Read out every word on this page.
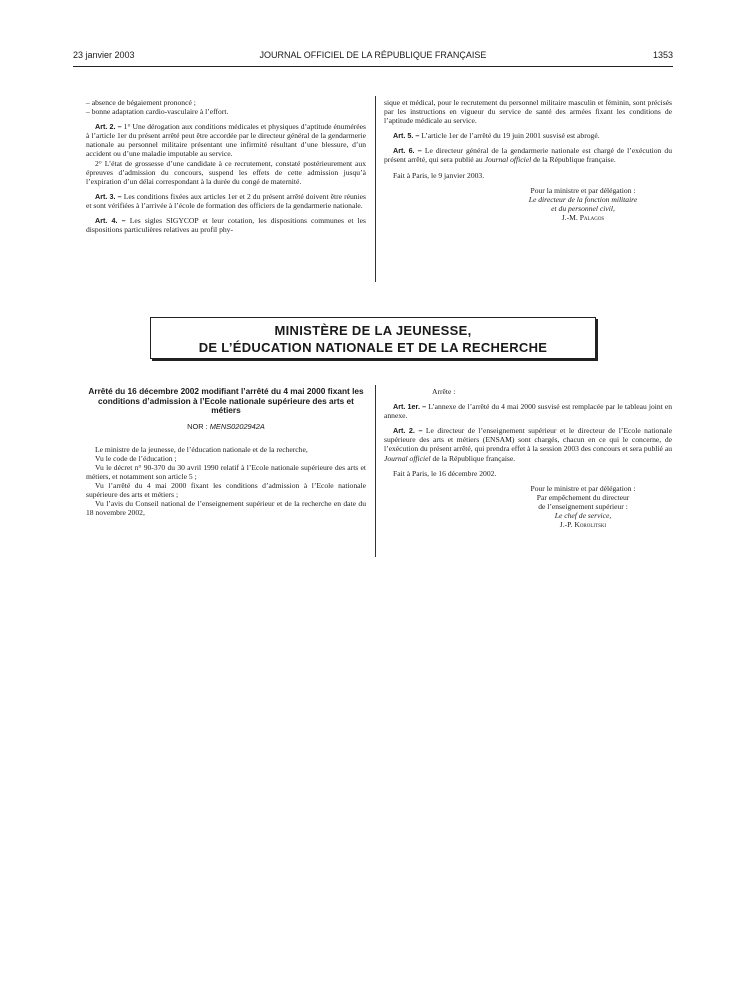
23 janvier 2003	JOURNAL OFFICIEL DE LA RÉPUBLIQUE FRANÇAISE	1353

– absence de bégaiement prononcé ;

– bonne adaptation cardio-vasculaire à l’effort.

Art. 2. – 1° Une dérogation aux conditions médicales et physiques d’aptitude énumérées à l’article 1er du présent arrêté peut être accordée par le directeur général de la gendarmerie nationale au personnel militaire présentant une infirmité résultant d’une blessure, d’un accident ou d’une maladie imputable au service.

2° L’état de grossesse d’une candidate à ce recrutement, constaté postérieurement aux épreuves d’admission du concours, suspend les effets de cette admission jusqu’à l’expiration d’un délai correspondant à la durée du congé de maternité.

Art. 3. – Les conditions fixées aux articles 1er et 2 du présent arrêté doivent être réunies et sont vérifiées à l’arrivée à l’école de formation des officiers de la gendarmerie nationale.

Art. 4. – Les sigles SIGYCOP et leur cotation, les dispositions communes et les dispositions particulières relatives au profil phy-

sique et médical, pour le recrutement du personnel militaire masculin et féminin, sont précisés par les instructions en vigueur du service de santé des armées fixant les conditions de l’aptitude médicale au service.

Art. 5. – L’article 1er de l’arrêté du 19 juin 2001 susvisé est abrogé.

Art. 6. – Le directeur général de la gendarmerie nationale est chargé de l’exécution du présent arrêté, qui sera publié au Journal officiel de la République française.

Fait à Paris, le 9 janvier 2003.

Pour la ministre et par délégation :
Le directeur de la fonction militaire
et du personnel civil,
J.-M. Palagos
MINISTÈRE DE LA JEUNESSE,
DE L’ÉDUCATION NATIONALE ET DE LA RECHERCHE
Arrêté du 16 décembre 2002 modifiant l’arrêté du 4 mai 2000 fixant les conditions d’admission à l’Ecole nationale supérieure des arts et métiers
NOR : MENS0202942A

Le ministre de la jeunesse, de l’éducation nationale et de la recherche,

Vu le code de l’éducation ;

Vu le décret n° 90-370 du 30 avril 1990 relatif à l’Ecole nationale supérieure des arts et métiers, et notamment son article 5 ;

Vu l’arrêté du 4 mai 2000 fixant les conditions d’admission à l’Ecole nationale supérieure des arts et métiers ;

Vu l’avis du Conseil national de l’enseignement supérieur et de la recherche en date du 18 novembre 2002,

Arrête :

Art. 1er. – L’annexe de l’arrêté du 4 mai 2000 susvisé est remplacée par le tableau joint en annexe.

Art. 2. – Le directeur de l’enseignement supérieur et le directeur de l’Ecole nationale supérieure des arts et métiers (ENSAM) sont chargés, chacun en ce qui le concerne, de l’exécution du présent arrêté, qui prendra effet à la session 2003 des concours et sera publié au Journal officiel de la République française.

Fait à Paris, le 16 décembre 2002.

Pour le ministre et par délégation :
Par empêchement du directeur
de l’enseignement supérieur :
Le chef de service,
J.-P. Korolitski
